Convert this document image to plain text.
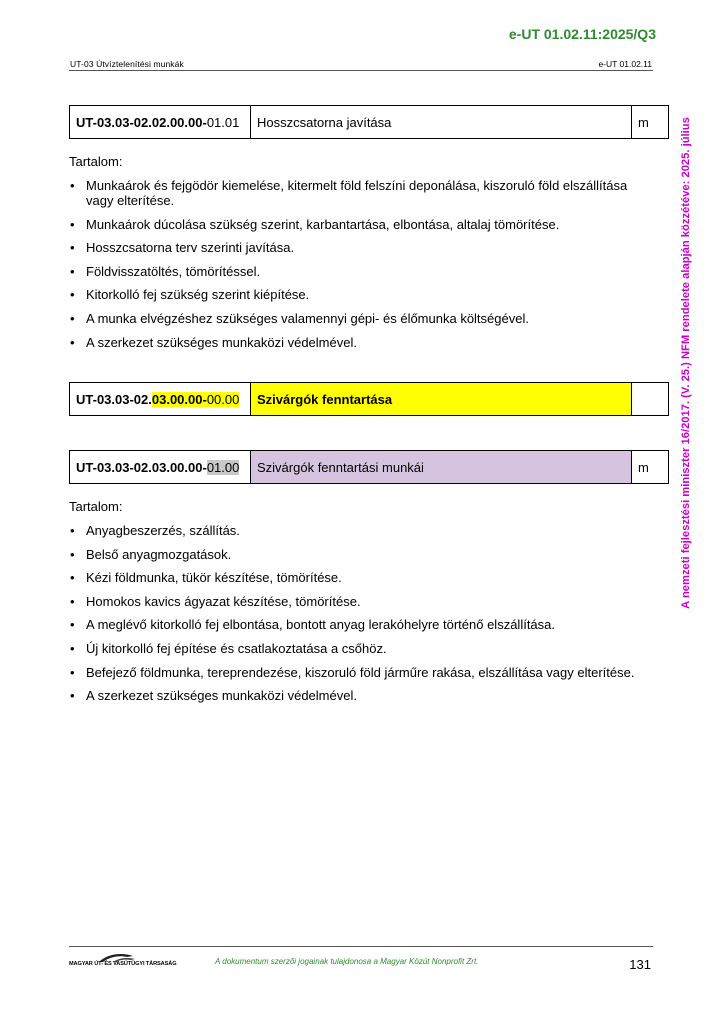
e-UT 01.02.11:2025/Q3
UT-03 Útvíztelenítési munkák	e-UT 01.02.11
A nemzeti fejlesztési miniszter 16/2017. (V. 25.) NFM rendelete alapján közzétéve: 2025. július
UT-03.03-02.02.00.00-01.01	Hosszcsatorna javítása	m
Tartalom:
• Munkaárok és fejgödör kiemelése, kitermelt föld felszíni deponálása, kiszoruló föld elszállítása vagy elterítése.
• Munkaárok dúcolása szükség szerint, karbantartása, elbontása, altalaj tömörítése.
• Hosszcsatorna terv szerinti javítása.
• Földvisszatöltés, tömörítéssel.
• Kitorkolló fej szükség szerint kiépítése.
• A munka elvégzéshez szükséges valamennyi gépi- és élőmunka költségével.
• A szerkezet szükséges munkaközi védelmével.
UT-03.03-02.03.00.00-00.00	Szivárgók fenntartása	
UT-03.03-02.03.00.00-01.00	Szivárgók fenntartási munkái	m
Tartalom:
• Anyagbeszerzés, szállítás.
• Belső anyagmozgatások.
• Kézi földmunka, tükör készítése, tömörítése.
• Homokos kavics ágyazat készítése, tömörítése.
• A meglévő kitorkolló fej elbontása, bontott anyag lerakóhelyre történő elszállítása.
• Új kitorkolló fej építése és csatlakoztatása a csőhöz.
• Befejező földmunka, tereprendezése, kiszoruló föld járműre rakása, elszállítása vagy elterítése.
• A szerkezet szükséges munkaközi védelmével.
MAGYAR ÚT- ÉS VASÚTÜGYI TÁRSASÁG	A dokumentum szerzői jogainak tulajdonosa a Magyar Közút Nonprofit Zrt.	131
